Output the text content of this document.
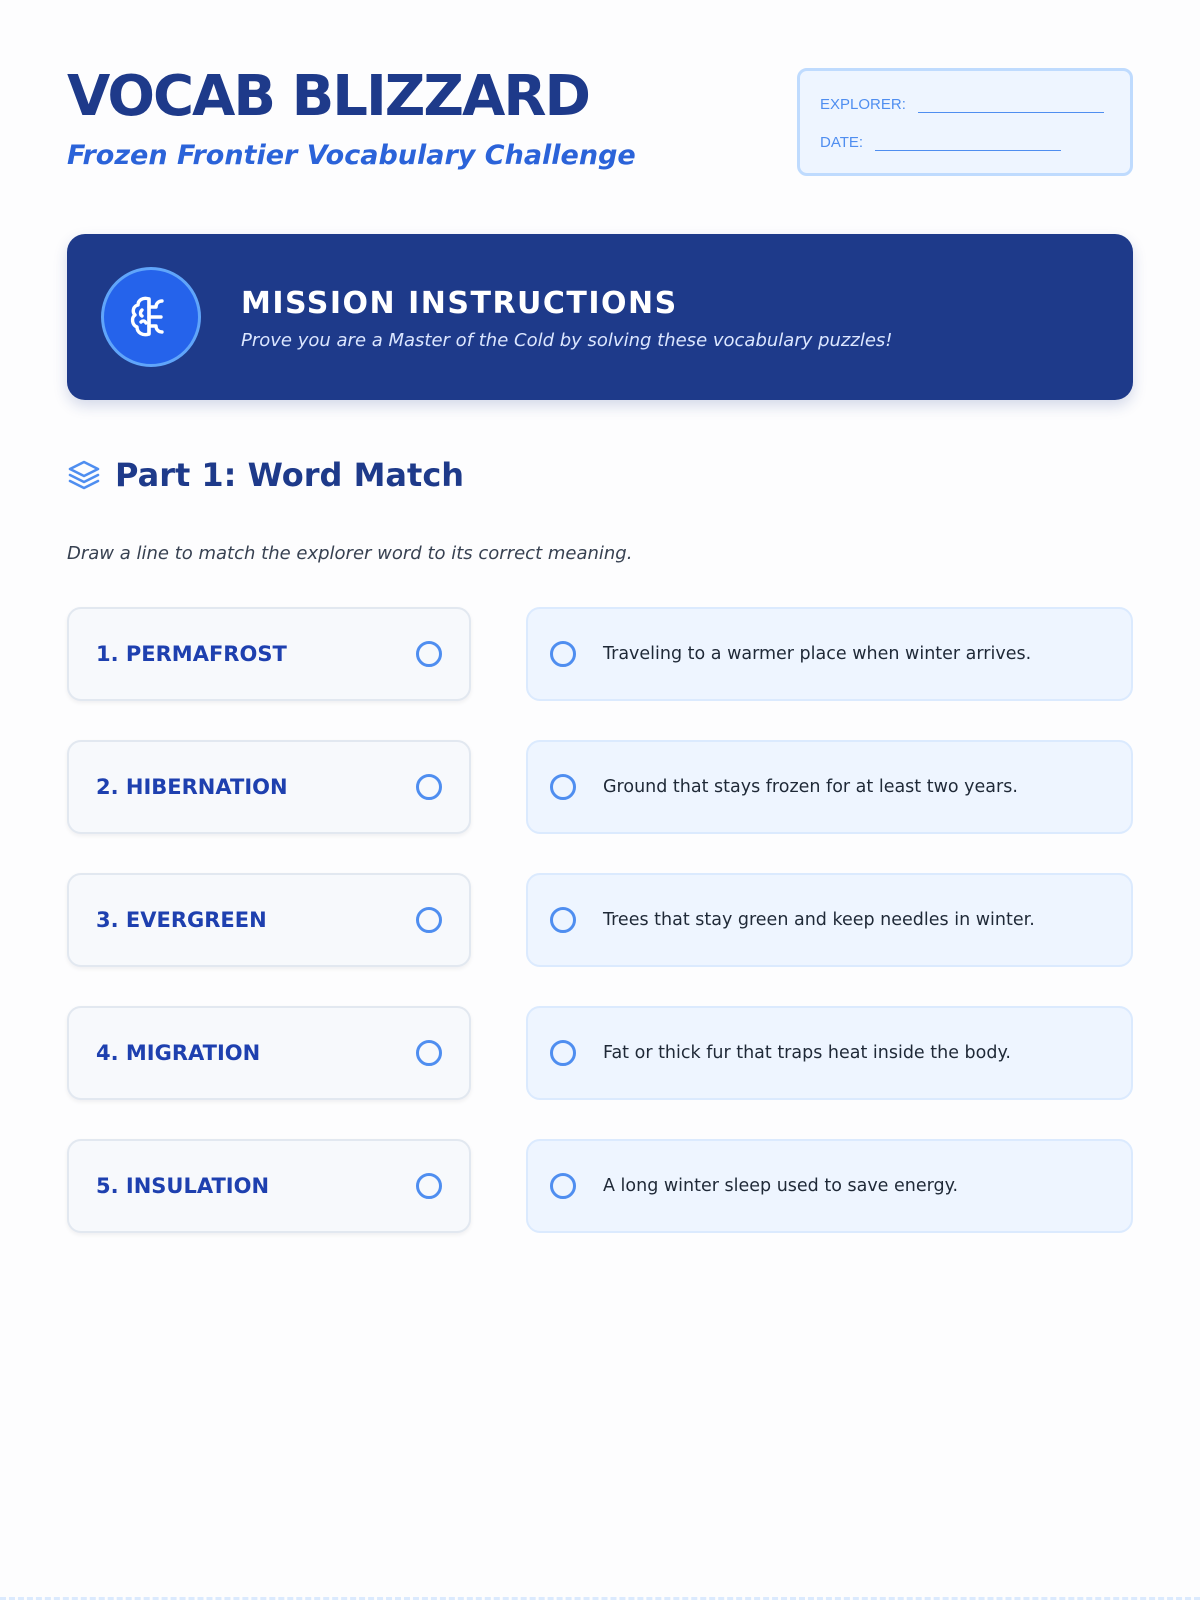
VOCAB BLIZZARD
Frozen Frontier Vocabulary Challenge
EXPLORER:
DATE:
MISSION INSTRUCTIONS
Prove you are a Master of the Cold by solving these vocabulary puzzles!
Part 1: Word Match
Draw a line to match the explorer word to its correct meaning.
1. PERMAFROST	Traveling to a warmer place when winter arrives.
2. HIBERNATION	Ground that stays frozen for at least two years.
3. EVERGREEN	Trees that stay green and keep needles in winter.
4. MIGRATION	Fat or thick fur that traps heat inside the body.
5. INSULATION	A long winter sleep used to save energy.
